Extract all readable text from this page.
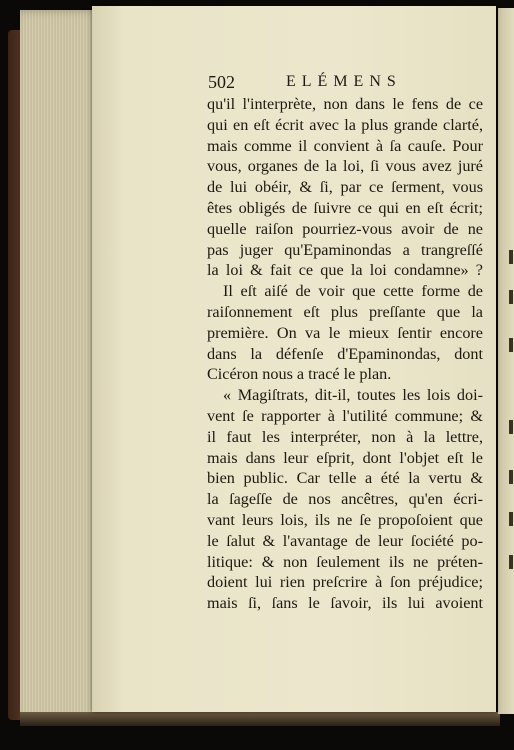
502	ELÉMENS
qu'il l'interprète, non dans le fens de ce
qui en eſt écrit avec la plus grande clarté,
mais comme il convient à ſa cauſe. Pour
vous, organes de la loi, ſi vous avez juré
de lui obéir, & ſi, par ce ſerment, vous
êtes obligés de ſuivre ce qui en eſt écrit;
quelle raiſon pourriez-vous avoir de ne
pas juger qu'Epaminondas a trangreſſé
la loi & fait ce que la loi condamne» ?
Il eſt aiſé de voir que cette forme de
raiſonnement eſt plus preſſante que la
première. On va le mieux ſentir encore
dans la défenſe d'Epaminondas, dont
Cicéron nous a tracé le plan.
« Magiſtrats, dit-il, toutes les lois doi-
vent ſe rapporter à l'utilité commune; &
il faut les interpréter, non à la lettre,
mais dans leur eſprit, dont l'objet eſt le
bien public. Car telle a été la vertu &
la ſageſſe de nos ancêtres, qu'en écri-
vant leurs lois, ils ne ſe propoſoient que
le ſalut & l'avantage de leur ſociété po-
litique: & non ſeulement ils ne préten-
doient lui rien preſcrire à ſon préjudice;
mais ſi, ſans le ſavoir, ils lui avoient
